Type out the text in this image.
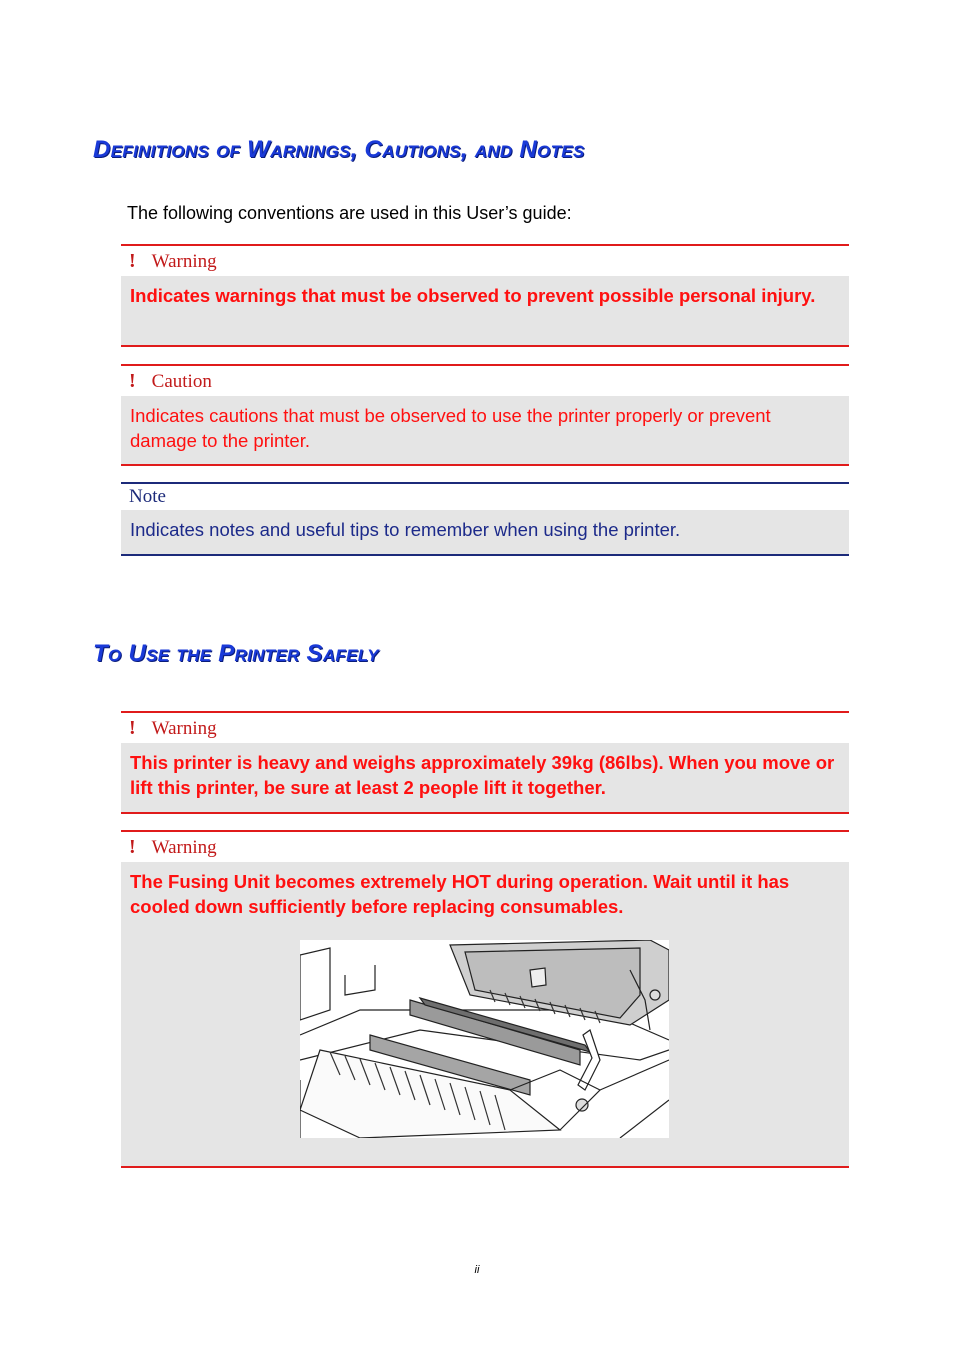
Definitions of Warnings, Cautions, and Notes

The following conventions are used in this User’s guide:

! Warning
Indicates warnings that must be observed to prevent possible personal injury.
! Caution
Indicates cautions that must be observed to use the printer properly or prevent damage to the printer.
Note
Indicates notes and useful tips to remember when using the printer.
To Use the Printer Safely
! Warning
This printer is heavy and weighs approximately 39kg (86lbs). When you move or lift this printer, be sure at least 2 people lift it together.
! Warning
The Fusing Unit becomes extremely HOT during operation. Wait until it has cooled down sufficiently before replacing consumables.
ii
